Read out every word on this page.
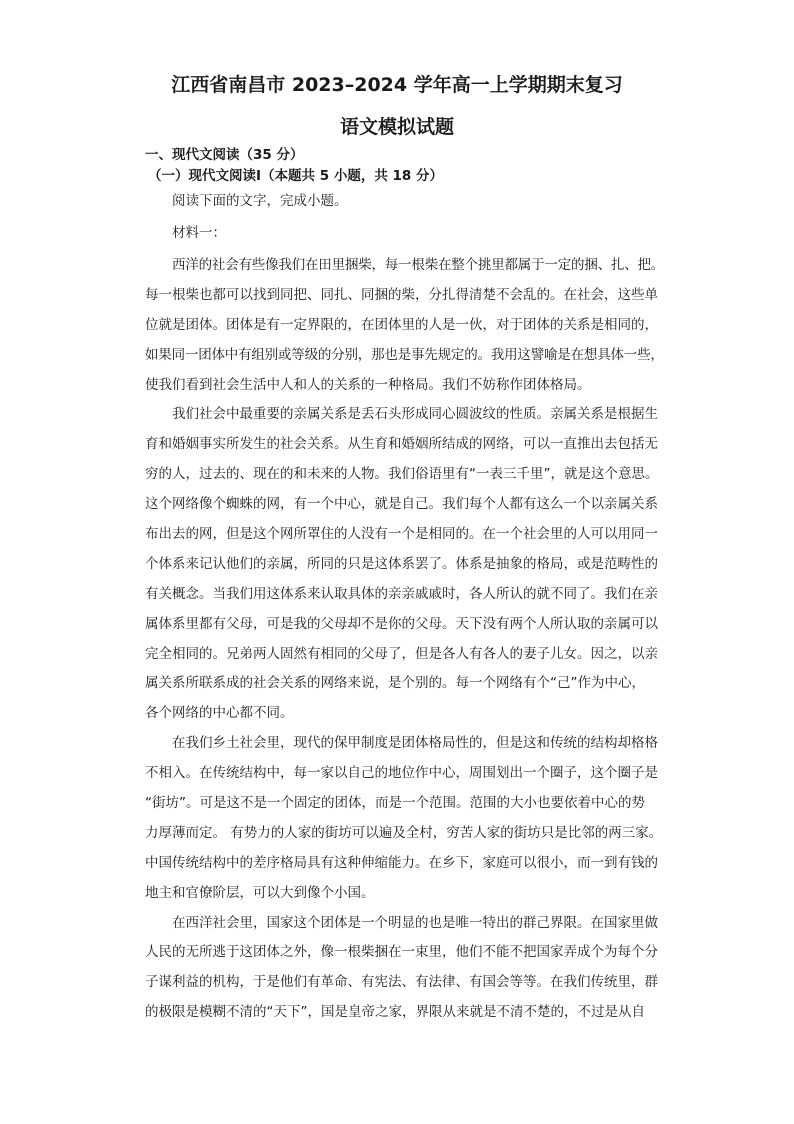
江西省南昌市 2023–2024 学年高一上学期期末复习
语文模拟试题

一、现代文阅读（35 分）

（一）现代文阅读Ⅰ（本题共 5 小题，共 18 分）

阅读下面的文字，完成小题。

材料一：

西洋的社会有些像我们在田里捆柴，每一根柴在整个挑里都属于一定的捆、扎、把。
每一根柴也都可以找到同把、同扎、同捆的柴，分扎得清楚不会乱的。在社会，这些单
位就是团体。团体是有一定界限的，在团体里的人是一伙，对于团体的关系是相同的，
如果同一团体中有组别或等级的分别，那也是事先规定的。我用这譬喻是在想具体一些，
使我们看到社会生活中人和人的关系的一种格局。我们不妨称作团体格局。

我们社会中最重要的亲属关系是丢石头形成同心圆波纹的性质。亲属关系是根据生
育和婚姻事实所发生的社会关系。从生育和婚姻所结成的网络，可以一直推出去包括无
穷的人，过去的、现在的和未来的人物。我们俗语里有“一表三千里”，就是这个意思。
这个网络像个蜘蛛的网，有一个中心，就是自己。我们每个人都有这么一个以亲属关系
布出去的网，但是这个网所罩住的人没有一个是相同的。在一个社会里的人可以用同一
个体系来记认他们的亲属，所同的只是这体系罢了。体系是抽象的格局，或是范畴性的
有关概念。当我们用这体系来认取具体的亲亲戚戚时，各人所认的就不同了。我们在亲
属体系里都有父母，可是我的父母却不是你的父母。天下没有两个人所认取的亲属可以
完全相同的。兄弟两人固然有相同的父母了，但是各人有各人的妻子儿女。因之，以亲
属关系所联系成的社会关系的网络来说，是个别的。每一个网络有个“己”作为中心，
各个网络的中心都不同。

在我们乡土社会里，现代的保甲制度是团体格局性的，但是这和传统的结构却格格
不相入。在传统结构中，每一家以自己的地位作中心，周围划出一个圈子，这个圈子是
“街坊”。可是这不是一个固定的团体，而是一个范围。范围的大小也要依着中心的势
力厚薄而定。 有势力的人家的街坊可以遍及全村，穷苦人家的街坊只是比邻的两三家。
中国传统结构中的差序格局具有这种伸缩能力。在乡下，家庭可以很小，而一到有钱的
地主和官僚阶层，可以大到像个小国。

在西洋社会里，国家这个团体是一个明显的也是唯一特出的群己界限。在国家里做
人民的无所逃于这团体之外，像一根柴捆在一束里，他们不能不把国家弄成个为每个分
子谋利益的机构，于是他们有革命、有宪法、有法律、有国会等等。在我们传统里，群
的极限是模糊不清的“天下”，国是皇帝之家，界限从来就是不清不楚的，不过是从自
